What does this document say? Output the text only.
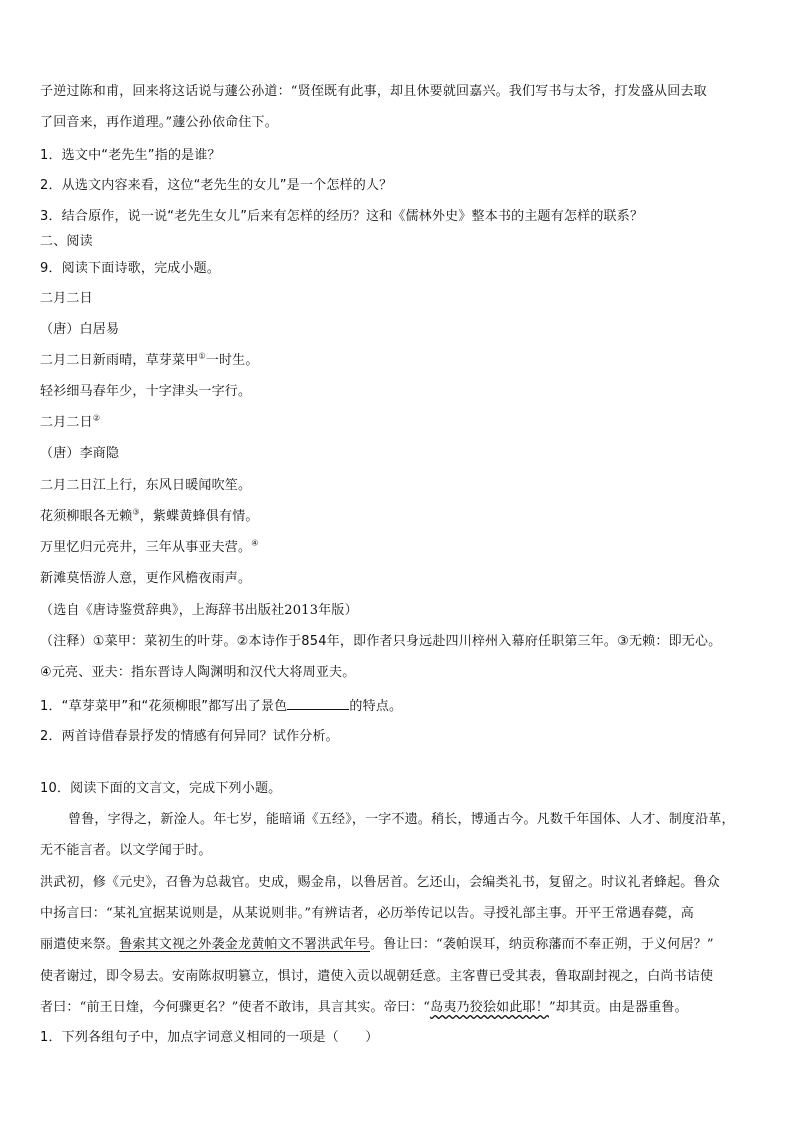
子逆过陈和甫，回来将这话说与蘧公孙道：“贤侄既有此事，却且休要就回嘉兴。我们写书与太爷，打发盛从回去取

了回音来，再作道理。”蘧公孙依命住下。

1．选文中“老先生”指的是谁？

2．从选文内容来看，这位“老先生的女儿”是一个怎样的人？

3．结合原作，说一说“老先生女儿”后来有怎样的经历？这和《儒林外史》整本书的主题有怎样的联系？

二、阅读

9．阅读下面诗歌，完成小题。

二月二日

（唐）白居易

二月二日新雨晴，草芽菜甲①一时生。

轻衫细马春年少，十字津头一字行。

二月二日②

（唐）李商隐

二月二日江上行，东风日暖闻吹笙。

花须柳眼各无赖③，紫蝶黄蜂俱有情。

万里忆归元亮井，三年从事亚夫营。④

新滩莫悟游人意，更作风檐夜雨声。

（选自《唐诗鉴赏辞典》，上海辞书出版社2013年版）

（注释）①菜甲：菜初生的叶芽。②本诗作于854年，即作者只身远赴四川梓州入幕府任职第三年。③无赖：即无心。

④元亮、亚夫：指东晋诗人陶渊明和汉代大将周亚夫。

1．“草芽菜甲”和“花须柳眼”都写出了景色	的特点。

2．两首诗借春景抒发的情感有何异同？试作分析。

10．阅读下面的文言文，完成下列小题。

曾鲁，字得之，新淦人。年七岁，能暗诵《五经》，一字不遗。稍长，博通古今。凡数千年国体、人才、制度沿革，

无不能言者。以文学闻于时。

洪武初，修《元史》，召鲁为总裁官。史成，赐金帛，以鲁居首。乞还山，会编类礼书，复留之。时议礼者蜂起。鲁众

中扬言曰：“某礼宜据某说则是，从某说则非。”有辨诘者，必历举传记以告。寻授礼部主事。开平王常遇春薨，高

丽遣使来祭。鲁索其文视之外袭金龙黄帕文不署洪武年号。鲁让曰：“袭帕误耳，纳贡称藩而不奉正朔，于义何居？”

使者谢过，即令易去。安南陈叔明篡立，惧讨，遣使入贡以觇朝廷意。主客曹已受其表，鲁取副封视之，白尚书诘使

者曰：“前王日煃，今何骤更名？”使者不敢讳，具言其实。帝曰：“岛夷乃狡狯如此耶！”却其贡。由是器重鲁。

1．下列各组句子中，加点字词意义相同的一项是（　　）
